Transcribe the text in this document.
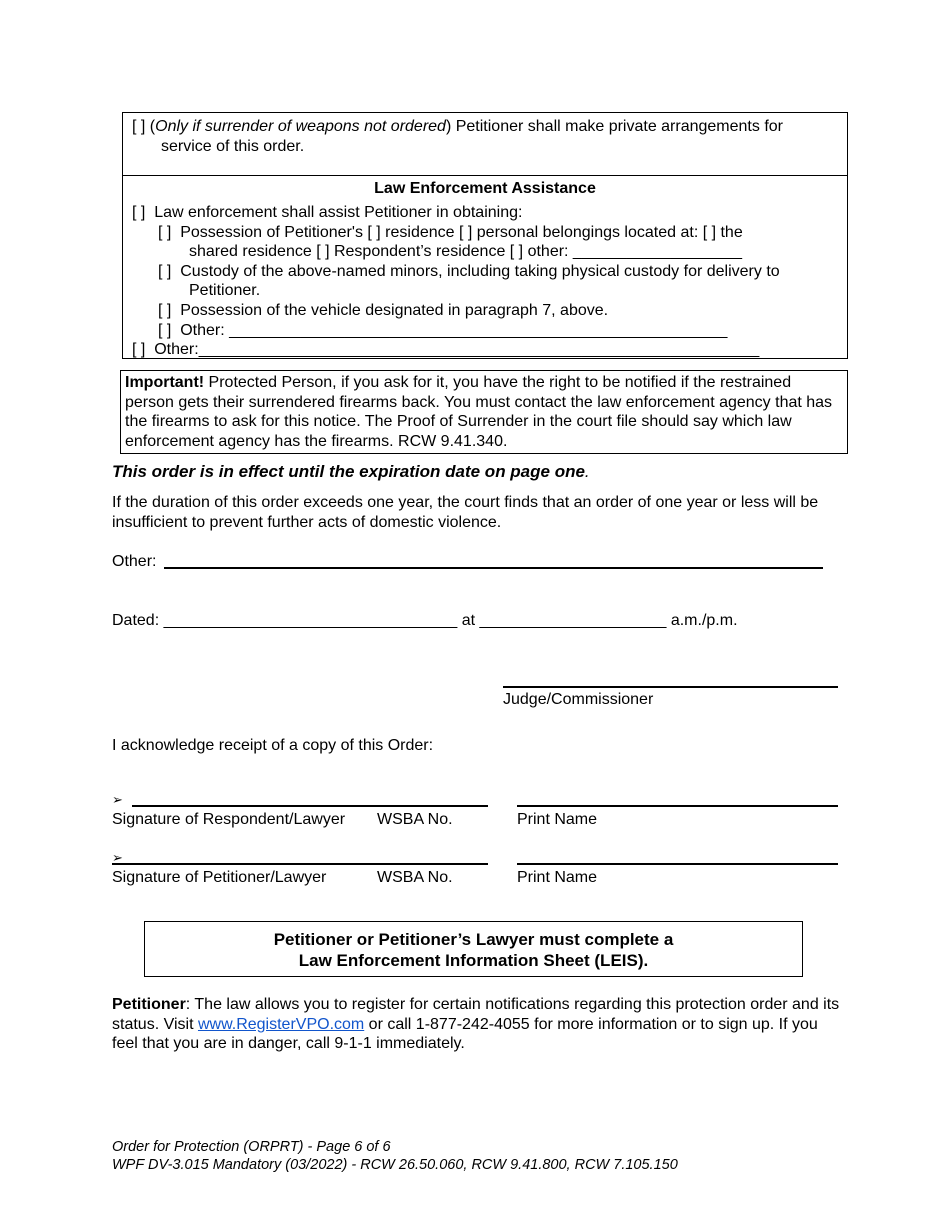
[ ] (Only if surrender of weapons not ordered) Petitioner shall make private arrangements for
service of this order.
Law Enforcement Assistance
[ ] Law enforcement shall assist Petitioner in obtaining:
[ ] Possession of Petitioner's [ ] residence [ ] personal belongings located at: [ ] the
shared residence [ ] Respondent’s residence [ ] other: ___________________
[ ] Custody of the above-named minors, including taking physical custody for delivery to
Petitioner.
[ ] Possession of the vehicle designated in paragraph 7, above.
[ ] Other: ________________________________________________________
[ ] Other:_______________________________________________________________

Important! Protected Person, if you ask for it, you have the right to be notified if the restrained person gets their surrendered firearms back. You must contact the law enforcement agency that has the firearms to ask for this notice. The Proof of Surrender in the court file should say which law enforcement agency has the firearms. RCW 9.41.340.

This order is in effect until the expiration date on page one.
If the duration of this order exceeds one year, the court finds that an order of one year or less will be insufficient to prevent further acts of domestic violence.
Other:
Dated: _________________________________ at _____________________ a.m./p.m.
Judge/Commissioner
I acknowledge receipt of a copy of this Order:
➢
Signature of Respondent/Lawyer WSBA No.	Print Name
➢
Signature of Petitioner/Lawyer	WSBA No.	Print Name
Petitioner or Petitioner’s Lawyer must complete a
Law Enforcement Information Sheet (LEIS).
Petitioner: The law allows you to register for certain notifications regarding this protection order and its status. Visit www.RegisterVPO.com or call 1-877-242-4055 for more information or to sign up. If you feel that you are in danger, call 9-1-1 immediately.
Order for Protection (ORPRT) - Page 6 of 6
WPF DV-3.015 Mandatory (03/2022) - RCW 26.50.060, RCW 9.41.800, RCW 7.105.150
